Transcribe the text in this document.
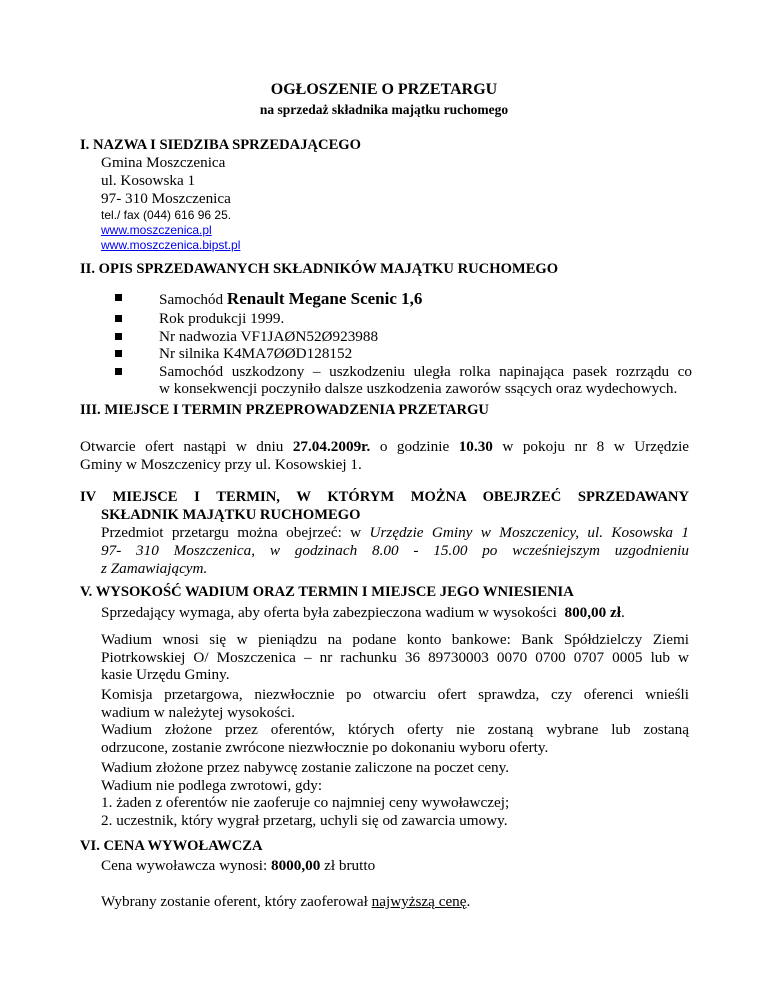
OGŁOSZENIE O PRZETARGU
na sprzedaż składnika majątku ruchomego
I. NAZWA I SIEDZIBA SPRZEDAJĄCEGO
Gmina Moszczenica
ul. Kosowska 1
97- 310 Moszczenica
tel./ fax (044) 616 96 25.
www.moszczenica.pl
www.moszczenica.bipst.pl
II. OPIS SPRZEDAWANYCH SKŁADNIKÓW MAJĄTKU RUCHOMEGO
Samochód Renault Megane Scenic 1,6
Rok produkcji 1999.
Nr nadwozia VF1JAØN52Ø923988
Nr silnika K4MA7ØØD128152
Samochód uszkodzony – uszkodzeniu uległa rolka napinająca pasek rozrządu co
w konsekwencji poczyniło dalsze uszkodzenia zaworów ssących oraz wydechowych.
III. MIEJSCE I TERMIN PRZEPROWADZENIA PRZETARGU
Otwarcie ofert nastąpi w dniu 27.04.2009r. o godzinie 10.30 w pokoju nr 8 w Urzędzie
Gminy w Moszczenicy przy ul. Kosowskiej 1.
IV MIEJSCE I TERMIN, W KTÓRYM MOŻNA OBEJRZEĆ SPRZEDAWANY
SKŁADNIK MAJĄTKU RUCHOMEGO
Przedmiot przetargu można obejrzeć: w Urzędzie Gminy w Moszczenicy, ul. Kosowska 1
97- 310 Moszczenica, w godzinach 8.00 - 15.00 po wcześniejszym uzgodnieniu
z Zamawiającym.
V. WYSOKOŚĆ WADIUM ORAZ TERMIN I MIEJSCE JEGO WNIESIENIA
Sprzedający wymaga, aby oferta była zabezpieczona wadium w wysokości 800,00 zł.
Wadium wnosi się w pieniądzu na podane konto bankowe: Bank Spółdzielczy Ziemi
Piotrkowskiej O/ Moszczenica – nr rachunku 36 89730003 0070 0700 0707 0005 lub w
kasie Urzędu Gminy.
Komisja przetargowa, niezwłocznie po otwarciu ofert sprawdza, czy oferenci wnieśli
wadium w należytej wysokości.
Wadium złożone przez oferentów, których oferty nie zostaną wybrane lub zostaną
odrzucone, zostanie zwrócone niezwłocznie po dokonaniu wyboru oferty.
Wadium złożone przez nabywcę zostanie zaliczone na poczet ceny.
Wadium nie podlega zwrotowi, gdy:
1. żaden z oferentów nie zaoferuje co najmniej ceny wywoławczej;
2. uczestnik, który wygrał przetarg, uchyli się od zawarcia umowy.
VI. CENA WYWOŁAWCZA
Cena wywoławcza wynosi: 8000,00 zł brutto
Wybrany zostanie oferent, który zaoferował najwyższą cenę.
